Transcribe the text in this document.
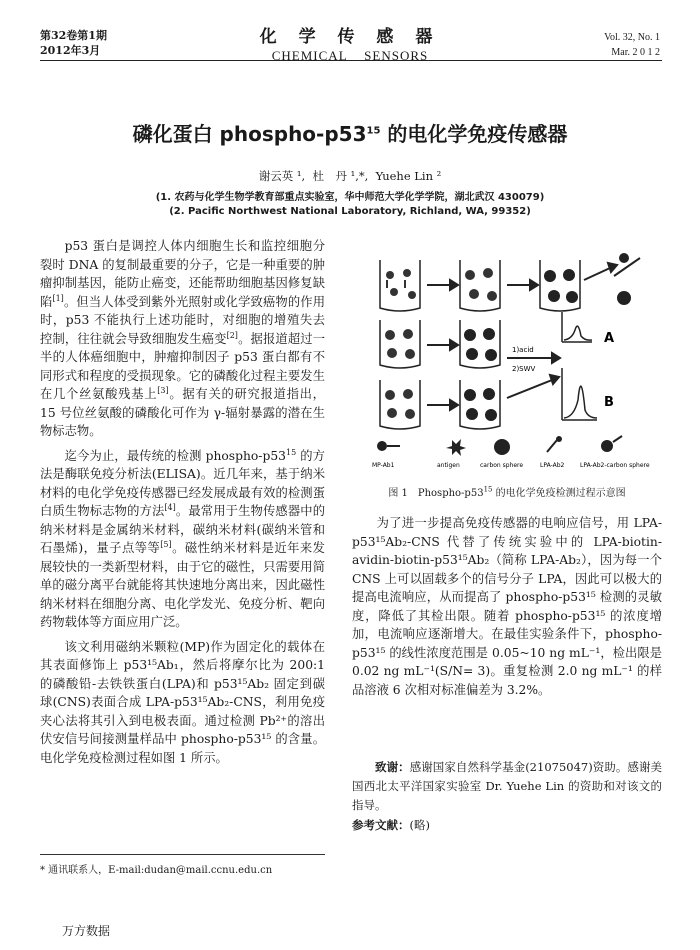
第32卷第1期
2012年3月
化 学 传 感 器
CHEMICAL    SENSORS
Vol. 32, No. 1
Mar. 2 0 1 2
磷化蛋白 phospho-$p53^{15}$ 的电化学免疫传感器
谢云英 ¹,  杜　丹 ¹,*,  Yuehe Lin ²
(1. 农药与化学生物学教育部重点实验室，华中师范大学化学学院，湖北武汉 430079)
(2. Pacific Northwest National Laboratory, Richland, WA, 99352)

p53 蛋白是调控人体内细胞生长和监控细胞分裂时 DNA 的复制最重要的分子，它是一种重要的肿瘤抑制基因，能防止癌变，还能帮助细胞基因修复缺陷[1]。但当人体受到紫外光照射或化学致癌物的作用时，p53 不能执行上述功能时，对细胞的增殖失去控制，往往就会导致细胞发生癌变[2]。据报道超过一半的人体癌细胞中，肿瘤抑制因子 p53 蛋白都有不同形式和程度的受损现象。它的磷酸化过程主要发生在几个丝氨酸残基上[3]。据有关的研究报道指出，15 号位丝氨酸的磷酸化可作为 γ-辐射暴露的潜在生物标志物。

迄今为止，最传统的检测 phospho-$p53^{15}$ 的方法是酶联免疫分析法(ELISA)。近几年来，基于纳米材料的电化学免疫传感器已经发展成最有效的检测蛋白质生物标志物的方法[4]。最常用于生物传感器中的纳米材料是金属纳米材料，碳纳米材料(碳纳米管和石墨烯)，量子点等等[5]。磁性纳米材料是近年来发展较快的一类新型材料，由于它的磁性，只需要用简单的磁分离平台就能将其快速地分离出来，因此磁性纳米材料在细胞分离、电化学发光、免疫分析、靶向药物载体等方面应用广泛。

该文利用磁纳米颗粒(MP)作为固定化的载体在其表面修饰上 p53¹⁵Ab₁，然后将摩尔比为 200:1 的磷酸铅-去铁铁蛋白(LPA)和 p53¹⁵Ab₂ 固定到碳球(CNS)表面合成 LPA-p53¹⁵Ab₂-CNS，利用免疫夹心法将其引入到电极表面。通过检测 Pb²⁺的溶出伏安信号间接测量样品中 phospho-p53¹⁵ 的含量。电化学免疫检测过程如图 1 所示。

1)acid
2)SWV
A
B
MP-Ab1	antigen	carbon sphere	LPA-Ab2	LPA-Ab2-carbon sphere
图 1　Phospho-$p53^{15}$ 的电化学免疫检测过程示意图

为了进一步提高免疫传感器的电响应信号，用 LPA-p53¹⁵Ab₂-CNS 代替了传统实验中的 LPA-biotin-avidin-biotin-p53¹⁵Ab₂（简称 LPA-Ab₂），因为每一个 CNS 上可以固载多个的信号分子 LPA，因此可以极大的提高电流响应，从而提高了 phospho-p53¹⁵ 检测的灵敏度，降低了其检出限。随着 phospho-p53¹⁵ 的浓度增加，电流响应逐渐增大。在最佳实验条件下，phospho-p53¹⁵ 的线性浓度范围是 0.05~10 ng mL⁻¹，检出限是 0.02 ng mL⁻¹(S/N= 3)。重复检测 2.0 ng mL⁻¹ 的样品溶液 6 次相对标准偏差为 3.2%。

致谢：感谢国家自然科学基金(21075047)资助。感谢美国西北太平洋国家实验室 Dr. Yuehe Lin 的资助和对该文的指导。
参考文献：(略)
* 通讯联系人，E-mail:dudan@mail.ccnu.edu.cn
万方数据
